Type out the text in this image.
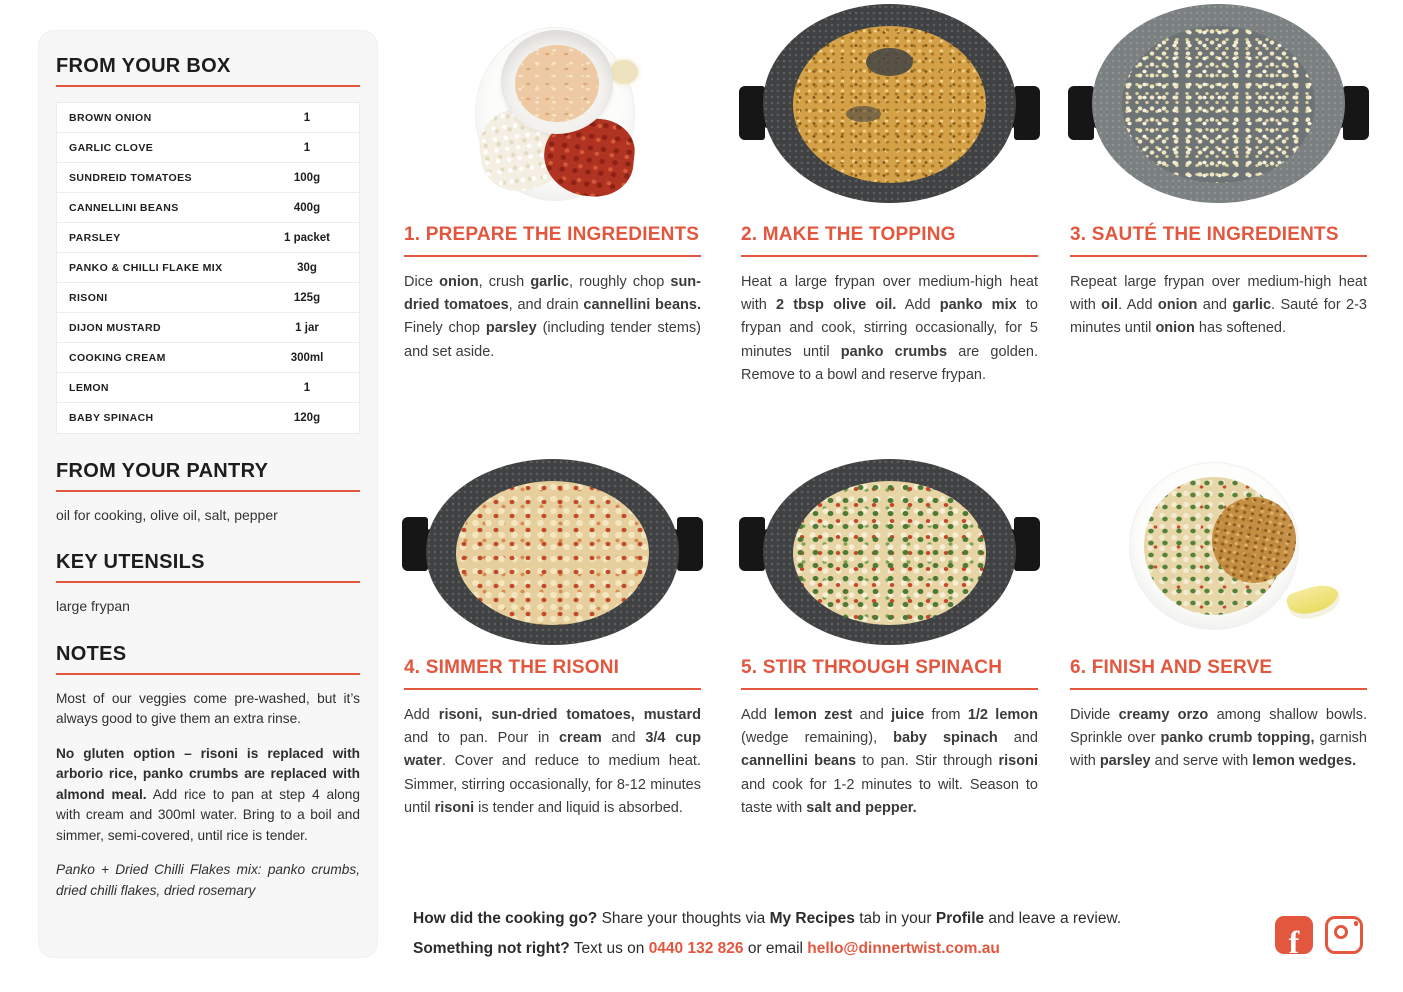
FROM YOUR BOX
BROWN ONION	1
GARLIC CLOVE	1
SUNDREID TOMATOES	100g
CANNELLINI BEANS	400g
PARSLEY	1 packet
PANKO & CHILLI FLAKE MIX	30g
RISONI	125g
DIJON MUSTARD	1 jar
COOKING CREAM	300ml
LEMON	1
BABY SPINACH	120g
FROM YOUR PANTRY

oil for cooking, olive oil, salt, pepper

KEY UTENSILS

large frypan

NOTES

Most of our veggies come pre-washed, but it’s always good to give them an extra rinse.

No gluten option – risoni is replaced with arborio rice, panko crumbs are replaced with almond meal. Add rice to pan at step 4 along with cream and 300ml water. Bring to a boil and simmer, semi-covered, until rice is tender.

Panko + Dried Chilli Flakes mix: panko crumbs, dried chilli flakes, dried rosemary

1. PREPARE THE INGREDIENTS

Dice onion, crush garlic, roughly chop sun-dried tomatoes, and drain cannellini beans. Finely chop parsley (including tender stems) and set aside.

2. MAKE THE TOPPING

Heat a large frypan over medium-high heat with 2 tbsp olive oil. Add panko mix to frypan and cook, stirring occasionally, for 5 minutes until panko crumbs are golden. Remove to a bowl and reserve frypan.

3. SAUTÉ THE INGREDIENTS

Repeat large frypan over medium-high heat with oil. Add onion and garlic. Sauté for 2-3 minutes until onion has softened.

4. SIMMER THE RISONI

Add risoni, sun-dried tomatoes, mustard and to pan. Pour in cream and 3/4 cup water. Cover and reduce to medium heat. Simmer, stirring occasionally, for 8-12 minutes until risoni is tender and liquid is absorbed.

5. STIR THROUGH SPINACH

Add lemon zest and juice from 1/2 lemon (wedge remaining), baby spinach and cannellini beans to pan. Stir through risoni and cook for 1-2 minutes to wilt. Season to taste with salt and pepper.

6. FINISH AND SERVE

Divide creamy orzo among shallow bowls. Sprinkle over panko crumb topping, garnish with parsley and serve with lemon wedges.

How did the cooking go? Share your thoughts via My Recipes tab in your Profile and leave a review.

Something not right? Text us on 0440 132 826 or email hello@dinnertwist.com.au	f
